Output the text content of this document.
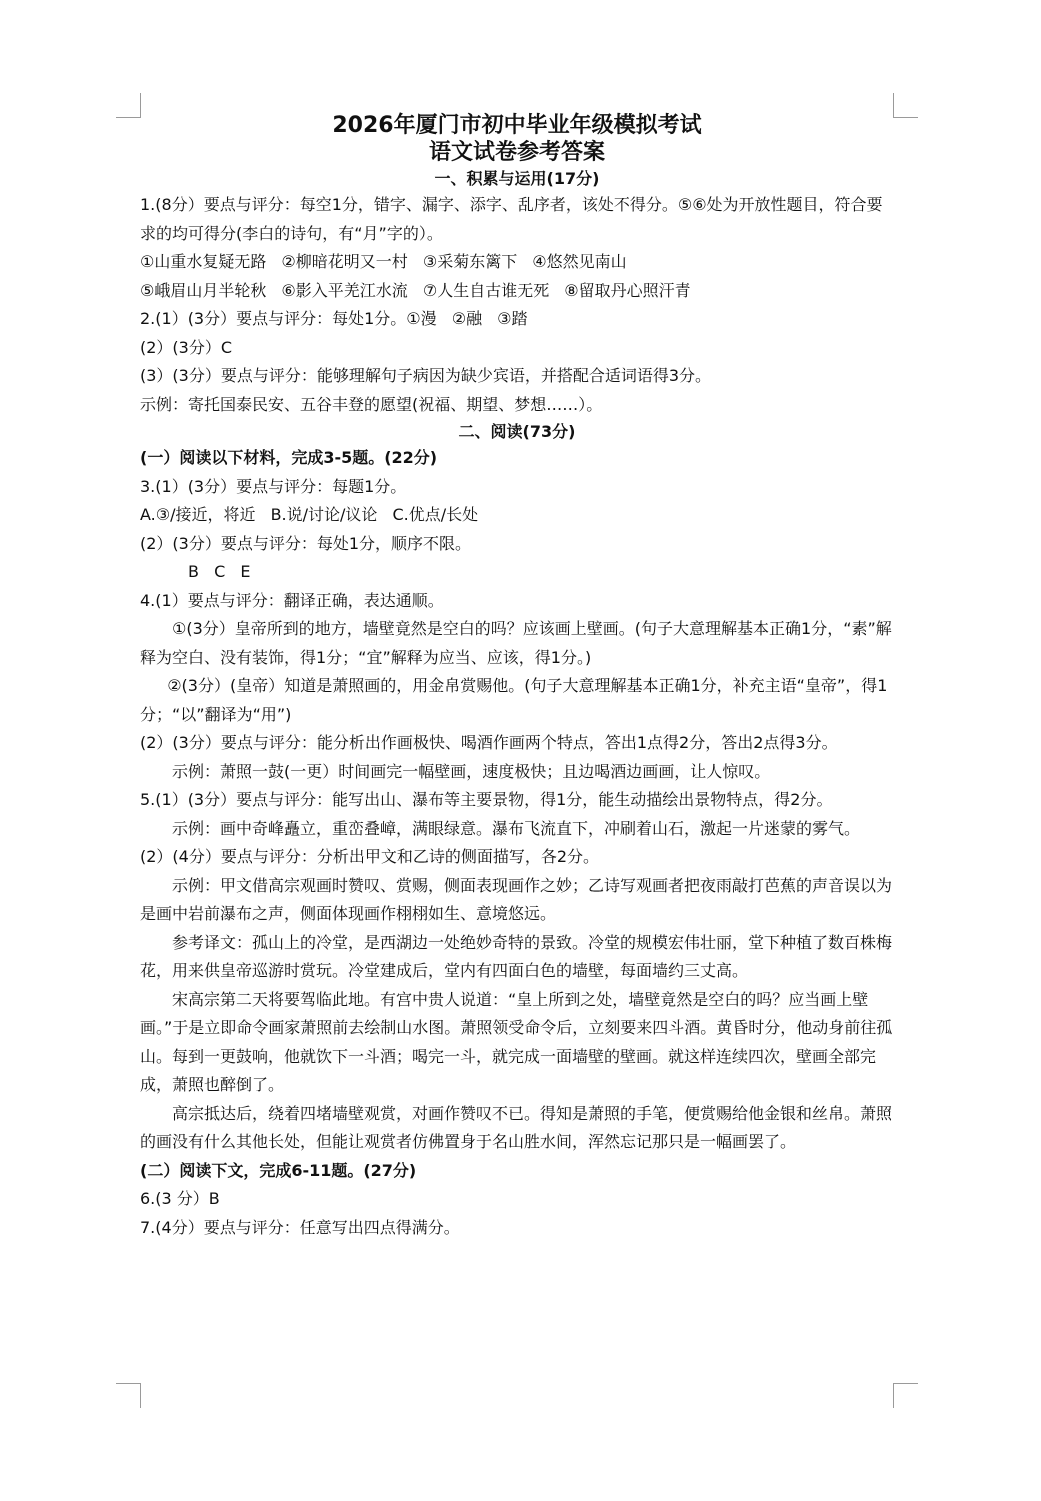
2026年厦门市初中毕业年级模拟考试
语文试卷参考答案
一、积累与运用(17分)

1.(8分）要点与评分：每空1分，错字、漏字、添字、乱序者，该处不得分。⑤⑥处为开放性题目，符合要求的均可得分(李白的诗句，有“月”字的）。

①山重水复疑无路 ②柳暗花明又一村 ③采菊东篱下 ④悠然见南山

⑤峨眉山月半轮秋 ⑥影入平羌江水流 ⑦人生自古谁无死 ⑧留取丹心照汗青

2.(1）(3分）要点与评分：每处1分。①漫 ②融 ③踏

(2）(3分）C

(3）(3分）要点与评分：能够理解句子病因为缺少宾语，并搭配合适词语得3分。

示例：寄托国泰民安、五谷丰登的愿望(祝福、期望、梦想……）。

二、阅读(73分)
(一）阅读以下材料，完成3-5题。(22分)

3.(1）(3分）要点与评分：每题1分。

A.③/接近，将近 B.说/讨论/议论 C.优点/长处

(2）(3分）要点与评分：每处1分，顺序不限。

B C E

4.(1）要点与评分：翻译正确，表达通顺。

①(3分）皇帝所到的地方，墙壁竟然是空白的吗？应该画上壁画。(句子大意理解基本正确1分，“素”解释为空白、没有装饰，得1分；“宜”解释为应当、应该，得1分。)

②(3分）(皇帝）知道是萧照画的，用金帛赏赐他。(句子大意理解基本正确1分，补充主语“皇帝”，得1分；“以”翻译为“用”)

(2）(3分）要点与评分：能分析出作画极快、喝酒作画两个特点，答出1点得2分，答出2点得3分。

示例：萧照一鼓(一更）时间画完一幅壁画，速度极快；且边喝酒边画画，让人惊叹。

5.(1）(3分）要点与评分：能写出山、瀑布等主要景物，得1分，能生动描绘出景物特点，得2分。

示例：画中奇峰矗立，重峦叠嶂，满眼绿意。瀑布飞流直下，冲刷着山石，激起一片迷蒙的雾气。

(2）(4分）要点与评分：分析出甲文和乙诗的侧面描写，各2分。

示例：甲文借高宗观画时赞叹、赏赐，侧面表现画作之妙；乙诗写观画者把夜雨敲打芭蕉的声音误以为是画中岩前瀑布之声，侧面体现画作栩栩如生、意境悠远。

参考译文：孤山上的冷堂，是西湖边一处绝妙奇特的景致。冷堂的规模宏伟壮丽，堂下种植了数百株梅花，用来供皇帝巡游时赏玩。冷堂建成后，堂内有四面白色的墙壁，每面墙约三丈高。

宋高宗第二天将要驾临此地。有宫中贵人说道：“皇上所到之处，墙壁竟然是空白的吗？应当画上壁画。”于是立即命令画家萧照前去绘制山水图。萧照领受命令后，立刻要来四斗酒。黄昏时分，他动身前往孤山。每到一更鼓响，他就饮下一斗酒；喝完一斗，就完成一面墙壁的壁画。就这样连续四次，壁画全部完成，萧照也醉倒了。

高宗抵达后，绕着四堵墙壁观赏，对画作赞叹不已。得知是萧照的手笔，便赏赐给他金银和丝帛。萧照的画没有什么其他长处，但能让观赏者仿佛置身于名山胜水间，浑然忘记那只是一幅画罢了。

(二）阅读下文，完成6-11题。(27分)

6.(3 分）B

7.(4分）要点与评分：任意写出四点得满分。
